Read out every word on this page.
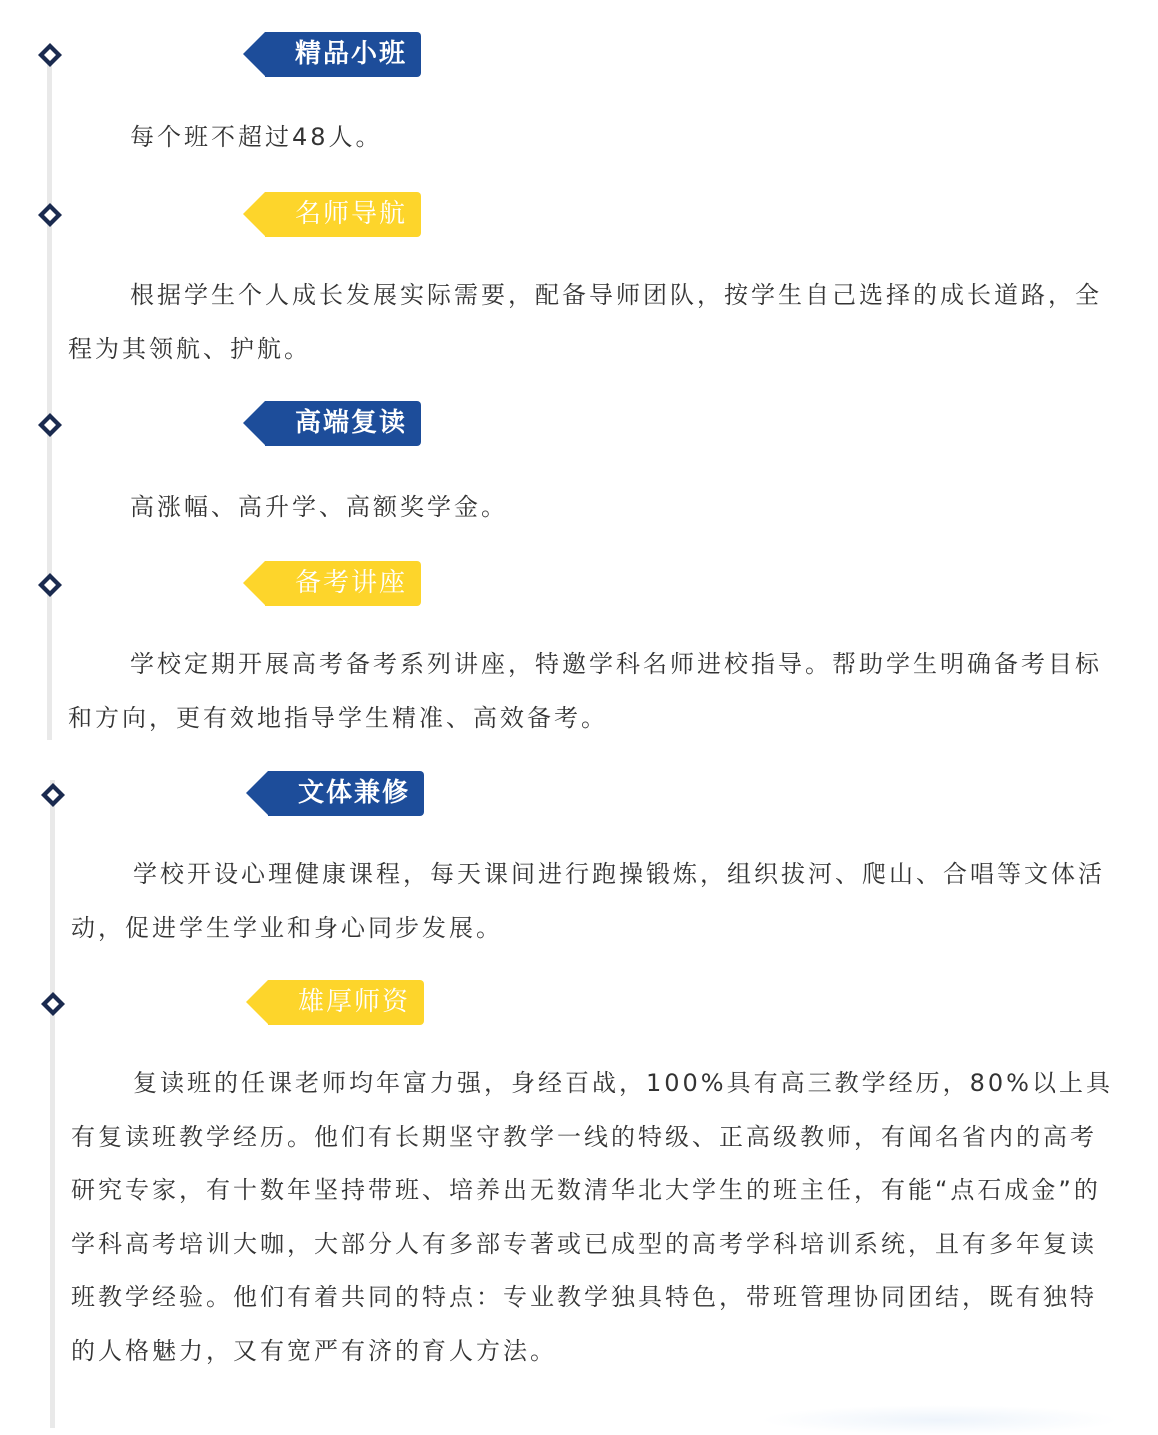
精品小班
每个班不超过48人。
名师导航
根据学生个人成长发展实际需要，配备导师团队，按学生自己选择的成长道路，全程为其领航、护航。
高端复读
高涨幅、高升学、高额奖学金。
备考讲座
学校定期开展高考备考系列讲座，特邀学科名师进校指导。帮助学生明确备考目标和方向，更有效地指导学生精准、高效备考。
文体兼修
学校开设心理健康课程，每天课间进行跑操锻炼，组织拔河、爬山、合唱等文体活动，促进学生学业和身心同步发展。
雄厚师资
复读班的任课老师均年富力强，身经百战，100%具有高三教学经历，80%以上具有复读班教学经历。他们有长期坚守教学一线的特级、正高级教师，有闻名省内的高考研究专家，有十数年坚持带班、培养出无数清华北大学生的班主任，有能“点石成金”的学科高考培训大咖，大部分人有多部专著或已成型的高考学科培训系统，且有多年复读班教学经验。他们有着共同的特点：专业教学独具特色，带班管理协同团结，既有独特的人格魅力，又有宽严有济的育人方法。
